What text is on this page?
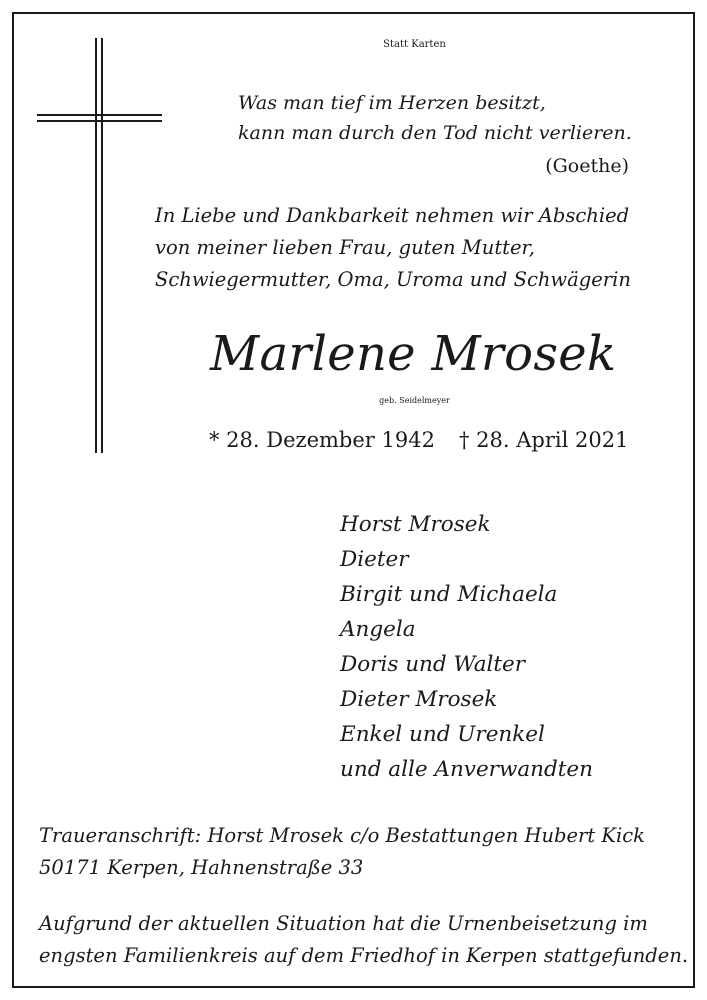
Statt Karten

Was man tief im Herzen besitzt,

kann man durch den Tod nicht verlieren.

(Goethe)

In Liebe und Dankbarkeit nehmen wir Abschied

von meiner lieben Frau, guten Mutter,

Schwiegermutter, Oma, Uroma und Schwägerin

Marlene Mrosek

geb. Seidelmeyer

* 28. Dezember 1942 † 28. April 2021

Horst Mrosek

Dieter

Birgit und Michaela

Angela

Doris und Walter

Dieter Mrosek

Enkel und Urenkel

und alle Anverwandten

Traueranschrift: Horst Mrosek c/o Bestattungen Hubert Kick

50171 Kerpen, Hahnenstraße 33

Aufgrund der aktuellen Situation hat die Urnenbeisetzung im

engsten Familienkreis auf dem Friedhof in Kerpen stattgefunden.
